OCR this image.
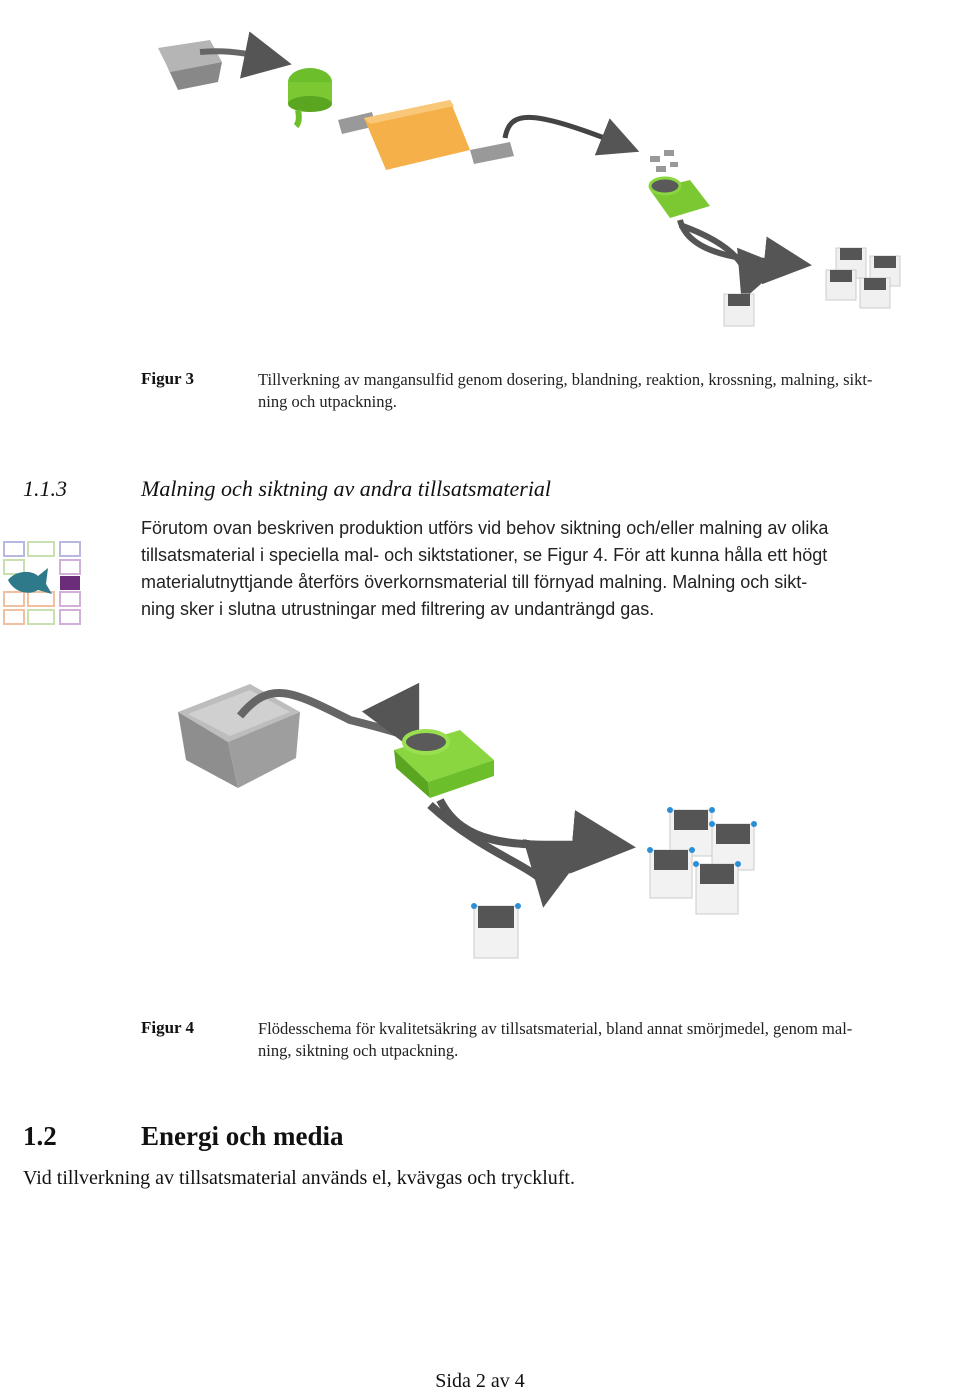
Figur 3	Tillverkning av mangansulfid genom dosering, blandning, reaktion, krossning, malning, sikt-
ning och utpackning.
1.1.3	Malning och siktning av andra tillsatsmaterial
Förutom ovan beskriven produktion utförs vid behov siktning och/eller malning av olika
tillsatsmaterial i speciella mal- och siktstationer, se Figur 4. För att kunna hålla ett högt
materialutnyttjande återförs överkornsmaterial till förnyad malning. Malning och sikt-
ning sker i slutna utrustningar med filtrering av undanträngd gas.
Figur 4	Flödesschema för kvalitetsäkring av tillsatsmaterial, bland annat smörjmedel, genom mal-
ning, siktning och utpackning.
1.2	Energi och media
Vid tillverkning av tillsatsmaterial används el, kvävgas och tryckluft.
Sida 2 av 4
